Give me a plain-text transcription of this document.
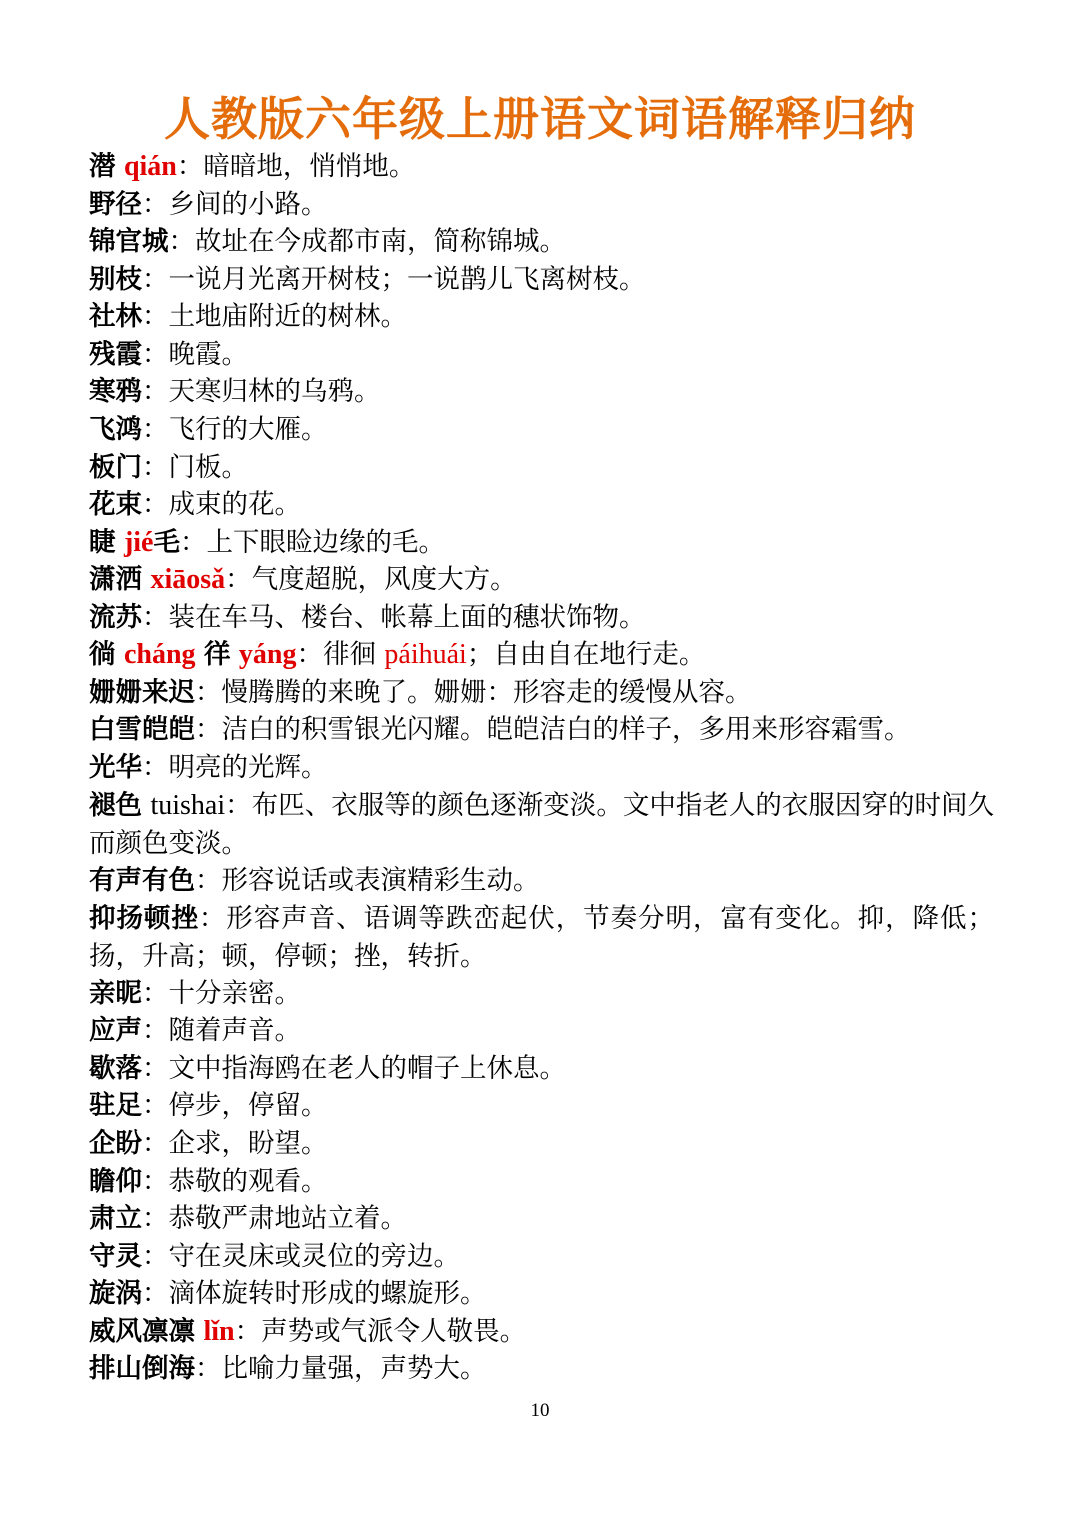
人教版六年级上册语文词语解释归纳

潜 qián：暗暗地，悄悄地。

野径：乡间的小路。

锦官城：故址在今成都市南，简称锦城。

别枝：一说月光离开树枝；一说鹊儿飞离树枝。

社林：土地庙附近的树林。

残霞：晚霞。

寒鸦：天寒归林的乌鸦。

飞鸿：飞行的大雁。

板门：门板。

花束：成束的花。

睫 jié毛：上下眼睑边缘的毛。

潇洒 xiāosǎ：气度超脱，风度大方。

流苏：装在车马、楼台、帐幕上面的穗状饰物。

徜 cháng 徉 yáng：徘徊 páihuái；自由自在地行走。

姗姗来迟：慢腾腾的来晚了。姗姗：形容走的缓慢从容。

白雪皑皑：洁白的积雪银光闪耀。皑皑洁白的样子，多用来形容霜雪。

光华：明亮的光辉。

褪色 tuishai：布匹、衣服等的颜色逐渐变淡。文中指老人的衣服因穿的时间久而颜色变淡。

有声有色：形容说话或表演精彩生动。

抑扬顿挫：形容声音、语调等跌峦起伏，节奏分明，富有变化。抑，降低；扬，升高；顿，停顿；挫，转折。

亲昵：十分亲密。

应声：随着声音。

歇落：文中指海鸥在老人的帽子上休息。

驻足：停步，停留。

企盼：企求，盼望。

瞻仰：恭敬的观看。

肃立：恭敬严肃地站立着。

守灵：守在灵床或灵位的旁边。

旋涡：滴体旋转时形成的螺旋形。

威风凛凛 lǐn：声势或气派令人敬畏。

排山倒海：比喻力量强，声势大。

10
